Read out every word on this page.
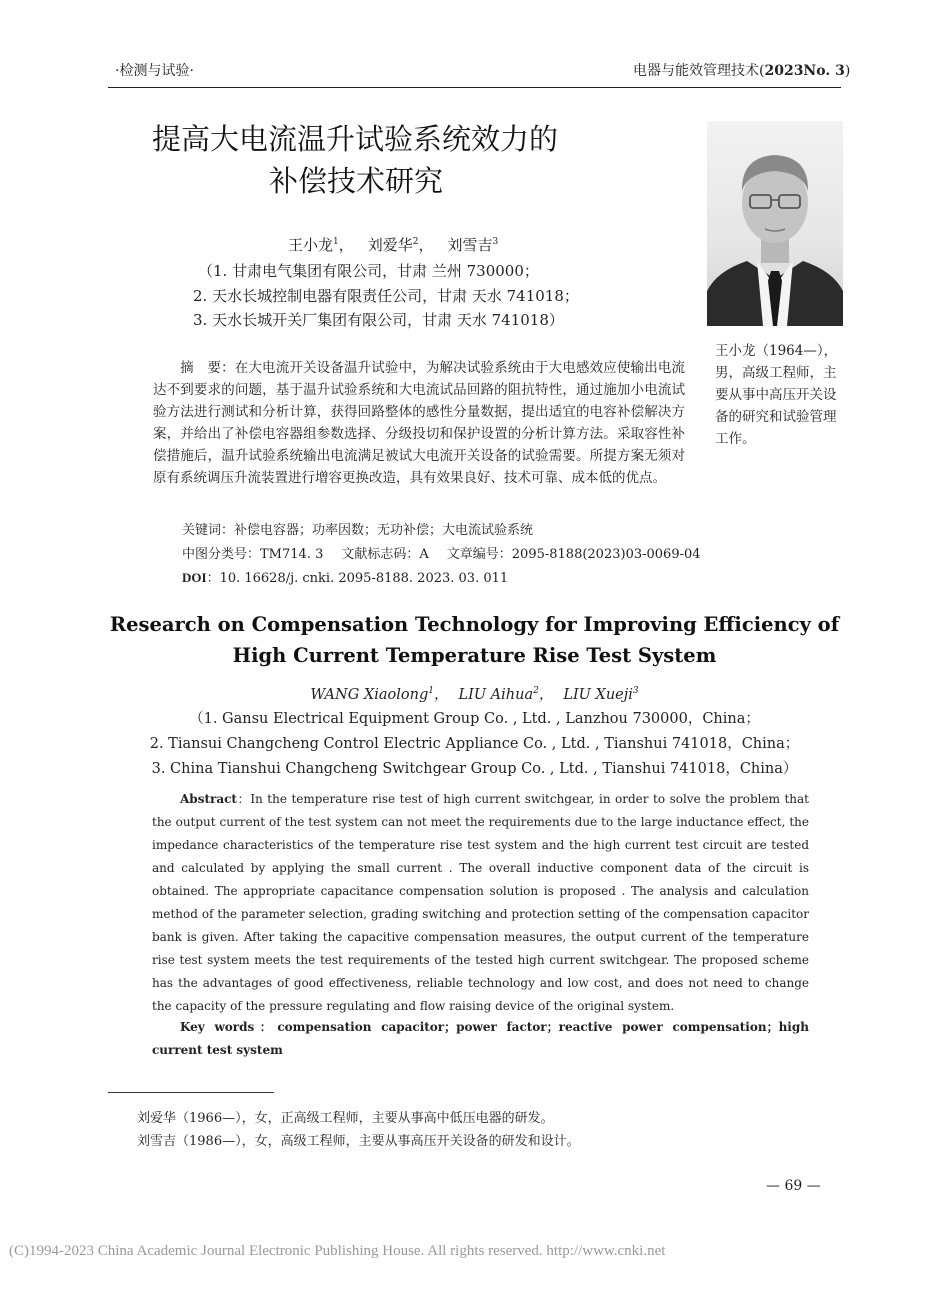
·检测与试验·	电器与能效管理技术(2023No. 3)
提高大电流温升试验系统效力的
补偿技术研究
王小龙$^1$， 刘爱华$^2$， 刘雪吉$^3$
（1. 甘肃电气集团有限公司，甘肃 兰州 730000；
2. 天水长城控制电器有限责任公司，甘肃 天水 741018；
3. 天水长城开关厂集团有限公司，甘肃 天水 741018）
王小龙（1964—），男，高级工程师，主要从事中高压开关设备的研究和试验管理工作。
摘　要：在大电流开关设备温升试验中，为解决试验系统由于大电感效应使输出电流达不到要求的问题，基于温升试验系统和大电流试品回路的阻抗特性，通过施加小电流试验方法进行测试和分析计算，获得回路整体的感性分量数据，提出适宜的电容补偿解决方案，并给出了补偿电容器组参数选择、分级投切和保护设置的分析计算方法。采取容性补偿措施后，温升试验系统输出电流满足被试大电流开关设备的试验需要。所提方案无须对原有系统调压升流装置进行增容更换改造，具有效果良好、技术可靠、成本低的优点。
关键词：补偿电容器；功率因数；无功补偿；大电流试验系统
中图分类号：TM714. 3 文献标志码：A 文章编号：2095-8188(2023)03-0069-04
DOI：10. 16628/j. cnki. 2095-8188. 2023. 03. 011
Research on Compensation Technology for Improving Efficiency of
High Current Temperature Rise Test System
WANG Xiaolong$^1$， LIU Aihua$^2$， LIU Xueji$^3$
（1. Gansu Electrical Equipment Group Co. , Ltd. , Lanzhou 730000，China；
2. Tiansui Changcheng Control Electric Appliance Co. , Ltd. , Tianshui 741018，China；
3. China Tianshui Changcheng Switchgear Group Co. , Ltd. , Tianshui 741018，China）
Abstract：In the temperature rise test of high current switchgear, in order to solve the problem that the output current of the test system can not meet the requirements due to the large inductance effect, the impedance characteristics of the temperature rise test system and the high current test circuit are tested and calculated by applying the small current . The overall inductive component data of the circuit is obtained. The appropriate capacitance compensation solution is proposed . The analysis and calculation method of the parameter selection, grading switching and protection setting of the compensation capacitor bank is given. After taking the capacitive compensation measures, the output current of the temperature rise test system meets the test requirements of the tested high current switchgear. The proposed scheme has the advantages of good effectiveness, reliable technology and low cost, and does not need to change the capacity of the pressure regulating and flow raising device of the original system.
Key words：compensation capacitor；power factor；reactive power compensation；high current test system
刘爱华（1966—），女，正高级工程师，主要从事高中低压电器的研发。
刘雪吉（1986—），女，高级工程师，主要从事高压开关设备的研发和设计。
— 69 —
(C)1994-2023 China Academic Journal Electronic Publishing House. All rights reserved. http://www.cnki.net
